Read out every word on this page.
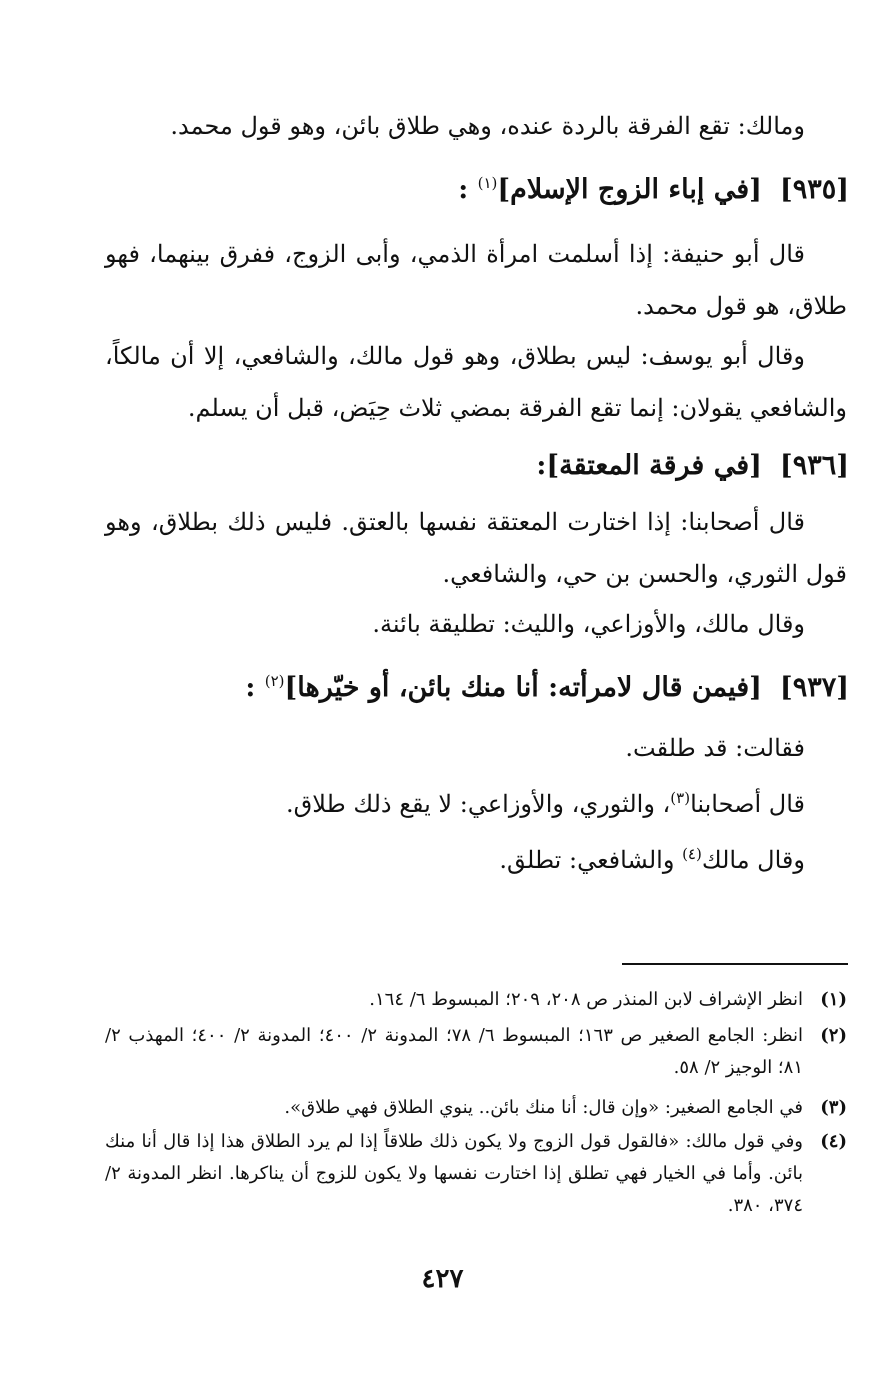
ومالك: تقع الفرقة بالردة عنده، وهي طلاق بائن، وهو قول محمد.
[٩٣٥][في إباء الزوج الإسلام]$^{(١)}$ :
قال أبو حنيفة: إذا أسلمت امرأة الذمي، وأبى الزوج، ففرق بينهما، فهو طلاق، هو قول محمد.
وقال أبو يوسف: ليس بطلاق، وهو قول مالك، والشافعي، إلا أن مالكاً، والشافعي يقولان: إنما تقع الفرقة بمضي ثلاث حِيَض، قبل أن يسلم.
[٩٣٦][في فرقة المعتقة]:
قال أصحابنا: إذا اختارت المعتقة نفسها بالعتق. فليس ذلك بطلاق، وهو قول الثوري، والحسن بن حي، والشافعي.
وقال مالك، والأوزاعي، والليث: تطليقة بائنة.
[٩٣٧][فيمن قال لامرأته: أنا منك بائن، أو خيّرها]$^{(٢)}$ :
فقالت: قد طلقت.
قال أصحابنا$^{(٣)}$، والثوري، والأوزاعي: لا يقع ذلك طلاق.
وقال مالك$^{(٤)}$ والشافعي: تطلق.
(١)
انظر الإشراف لابن المنذر ص ٢٠٨، ٢٠٩؛ المبسوط ٦/ ١٦٤.
(٢)
انظر: الجامع الصغير ص ١٦٣؛ المبسوط ٦/ ٧٨؛ المدونة ٢/ ٤٠٠؛ المدونة ٢/ ٤٠٠؛ المهذب ٢/ ٨١؛ الوجيز ٢/ ٥٨.
(٣)
في الجامع الصغير: «وإن قال: أنا منك بائن.. ينوي الطلاق فهي طلاق».
(٤)
وفي قول مالك: «فالقول قول الزوج ولا يكون ذلك طلاقاً إذا لم يرد الطلاق هذا إذا قال أنا منك بائن. وأما في الخيار فهي تطلق إذا اختارت نفسها ولا يكون للزوج أن يناكرها. انظر المدونة ٢/ ٣٧٤، ٣٨٠.
٤٢٧
